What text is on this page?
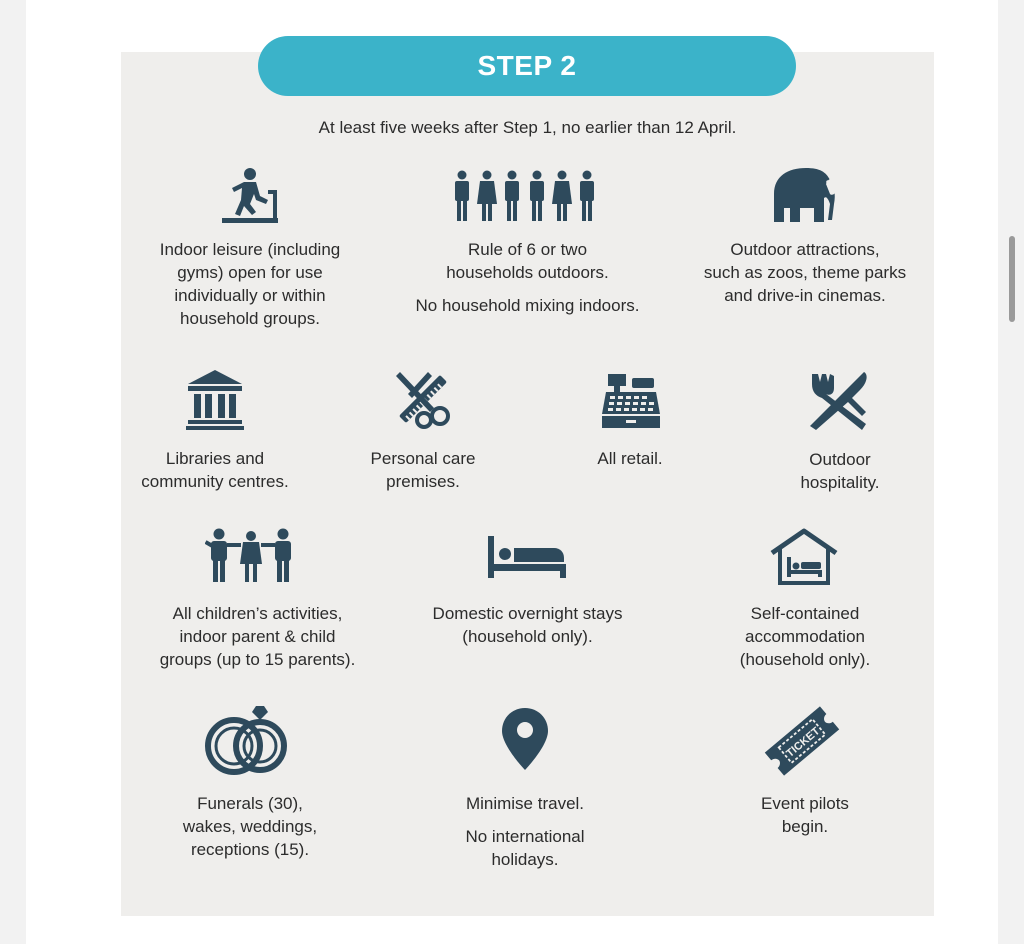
STEP 2
At least five weeks after Step 1, no earlier than 12 April.

Indoor leisure (including

gyms) open for use

individually or within

household groups.

Rule of 6 or two

households outdoors.

No household mixing indoors.

Outdoor attractions,

such as zoos, theme parks

and drive-in cinemas.

Libraries and

community centres.

Personal care

premises.

All retail.	Outdoor

hospitality.

All children’s activities,

indoor parent & child

groups (up to 15 parents).

Domestic overnight stays

(household only).

Self-contained

accommodation

(household only).

Funerals (30),

wakes, weddings,

receptions (15).

Minimise travel.

No international

holidays.

TICKET

Event pilots

begin.
